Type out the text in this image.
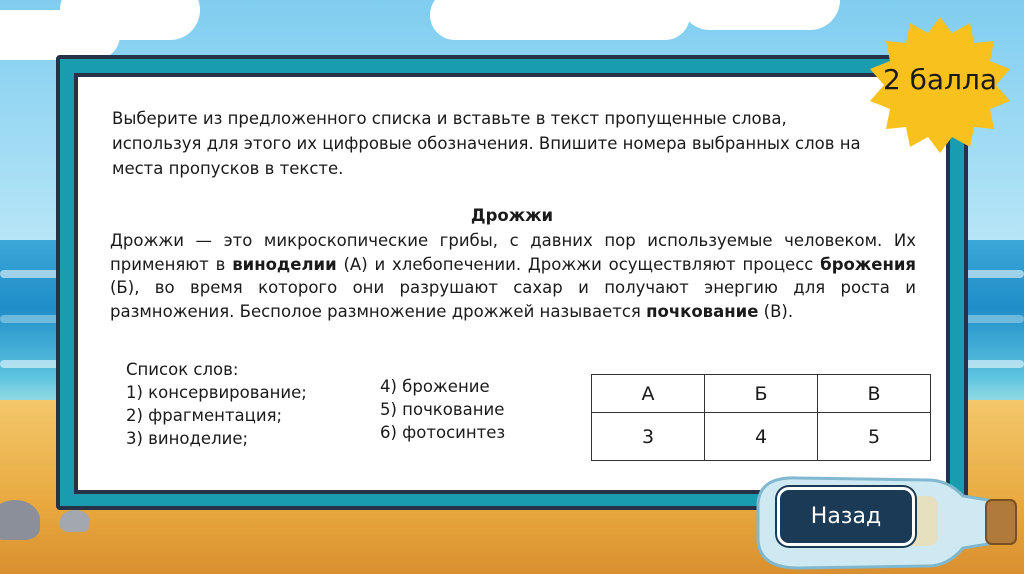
Выберите из предложенного списка и вставьте в текст пропущенные слова, используя для этого их цифровые обозначения. Впишите номера выбранных слов на места пропусков в тексте.

Дрожжи

Дрожжи — это микроскопические грибы, с давних пор используемые человеком. Их применяют в виноделии (А) и хлебопечении. Дрожжи осуществляют процесс брожения (Б), во время которого они разрушают сахар и получают энергию для роста и размножения. Бесполое размножение дрожжей называется почкование (В).

Список слов:
1) консервирование;
2) фрагментация;
3) виноделие;
4) брожение
5) почкование
6) фотосинтез
А	Б	В
3	4	5
2 балла
Назад
